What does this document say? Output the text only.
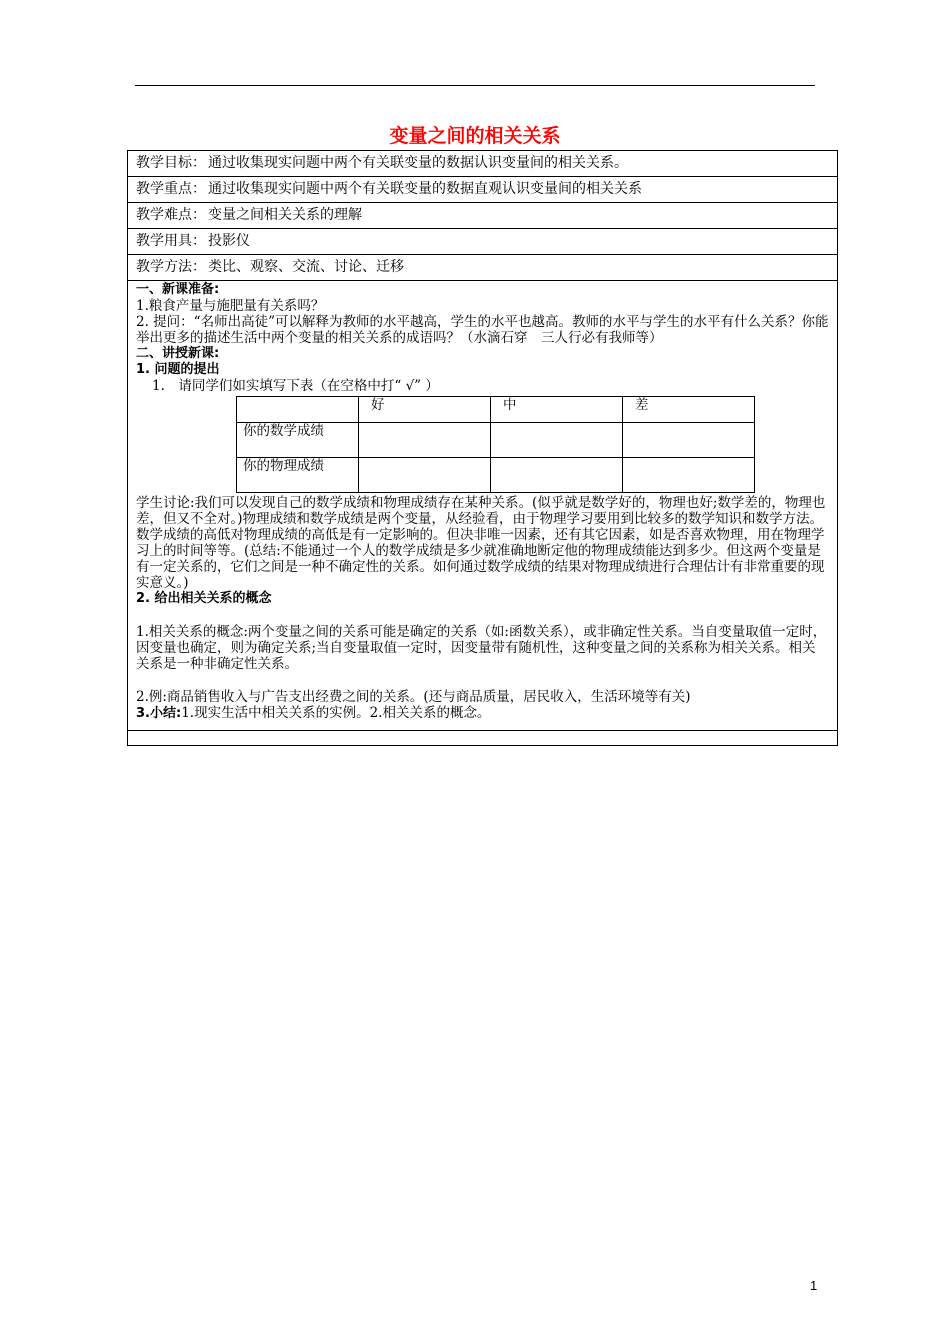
变量之间的相关关系
教学目标： 通过收集现实问题中两个有关联变量的数据认识变量间的相关关系。
教学重点： 通过收集现实问题中两个有关联变量的数据直观认识变量间的相关关系
教学难点： 变量之间相关关系的理解
教学用具： 投影仪
教学方法： 类比、观察、交流、讨论、迁移

一、新课准备:

1.粮食产量与施肥量有关系吗？

2. 提问：“名师出高徒”可以解释为教师的水平越高，学生的水平也越高。教师的水平与学生的水平有什么关系？你能举出更多的描述生活中两个变量的相关关系的成语吗？（水滴石穿　三人行必有我师等）

二、讲授新课:

1. 问题的提出

1.　请同学们如实填写下表（在空格中打“ √” ）

	好	中	差
你的数学成绩			
你的物理成绩			

学生讨论:我们可以发现自己的数学成绩和物理成绩存在某种关系。(似乎就是数学好的，物理也好;数学差的，物理也差，但又不全对。)物理成绩和数学成绩是两个变量，从经验看，由于物理学习要用到比较多的数学知识和数学方法。数学成绩的高低对物理成绩的高低是有一定影响的。但决非唯一因素，还有其它因素，如是否喜欢物理，用在物理学习上的时间等等。(总结:不能通过一个人的数学成绩是多少就准确地断定他的物理成绩能达到多少。但这两个变量是有一定关系的，它们之间是一种不确定性的关系。如何通过数学成绩的结果对物理成绩进行合理估计有非常重要的现实意义。)

2. 给出相关关系的概念

1.相关关系的概念:两个变量之间的关系可能是确定的关系（如:函数关系），或非确定性关系。当自变量取值一定时，因变量也确定，则为确定关系;当自变量取值一定时，因变量带有随机性，这种变量之间的关系称为相关关系。相关关系是一种非确定性关系。

2.例:商品销售收入与广告支出经费之间的关系。(还与商品质量，居民收入，生活环境等有关)

3.小结:1.现实生活中相关关系的实例。2.相关关系的概念。

1
